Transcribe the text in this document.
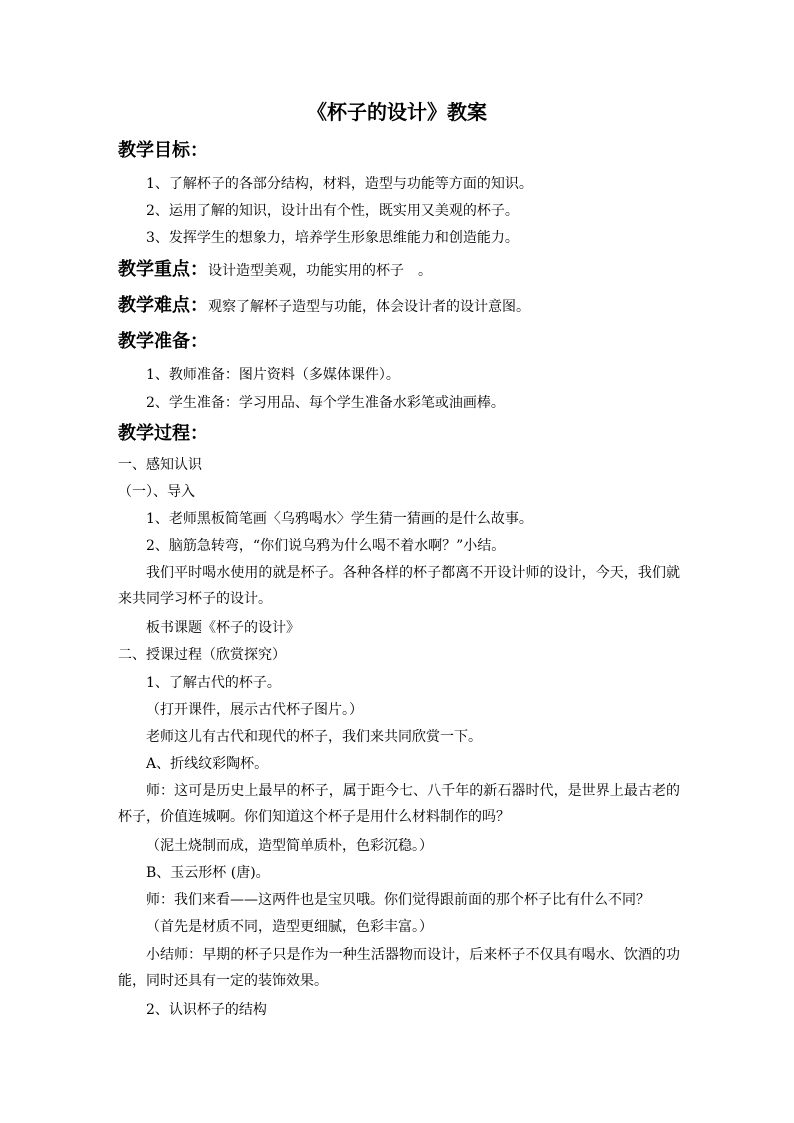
《杯子的设计》教案
教学目标：
1、了解杯子的各部分结构，材料，造型与功能等方面的知识。
2、运用了解的知识，设计出有个性，既实用又美观的杯子。
3、发挥学生的想象力，培养学生形象思维能力和创造能力。
教学重点：设计造型美观，功能实用的杯子　。
教学难点：观察了解杯子造型与功能，体会设计者的设计意图。
教学准备：
1、教师准备：图片资料（多媒体课件）。
2、学生准备：学习用品、每个学生准备水彩笔或油画棒。
教学过程：
一、感知认识
（一）、导入
1、老师黑板简笔画〈乌鸦喝水〉学生猜一猜画的是什么故事。
2、脑筋急转弯，“你们说乌鸦为什么喝不着水啊？”小结。
我们平时喝水使用的就是杯子。各种各样的杯子都离不开设计师的设计，今天，我们就来共同学习杯子的设计。
板书课题《杯子的设计》
二、授课过程（欣赏探究）
1、了解古代的杯子。
（打开课件，展示古代杯子图片。）
老师这儿有古代和现代的杯子，我们来共同欣赏一下。
A、折线纹彩陶杯。
师：这可是历史上最早的杯子，属于距今七、八千年的新石器时代，是世界上最古老的杯子，价值连城啊。你们知道这个杯子是用什么材料制作的吗？
（泥土烧制而成，造型简单质朴，色彩沉稳。）
B、玉云形杯 (唐)。
师：我们来看——这两件也是宝贝哦。你们觉得跟前面的那个杯子比有什么不同？
（首先是材质不同，造型更细腻，色彩丰富。）
小结师：早期的杯子只是作为一种生活器物而设计，后来杯子不仅具有喝水、饮酒的功能，同时还具有一定的装饰效果。
2、认识杯子的结构
